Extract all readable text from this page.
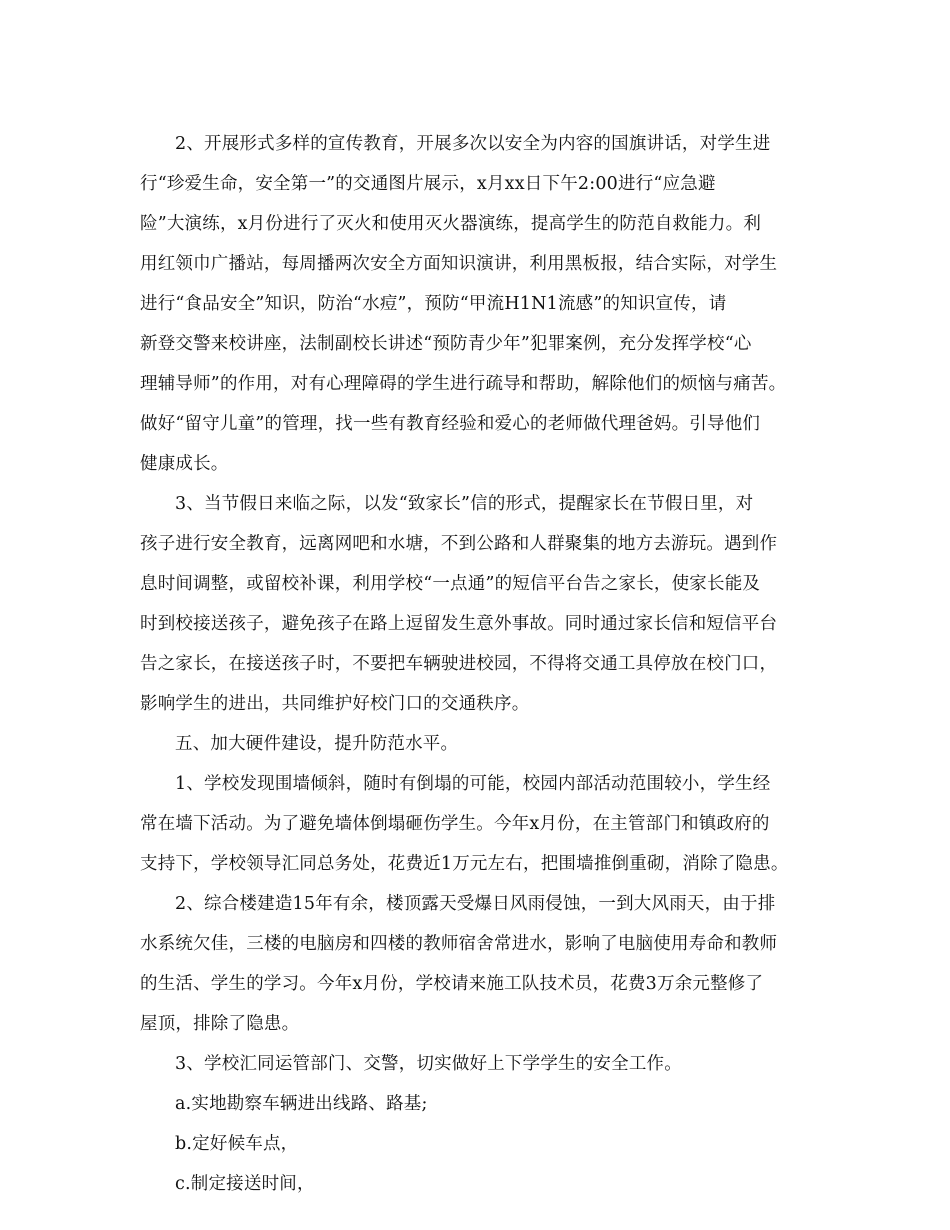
2、开展形式多样的宣传教育，开展多次以安全为内容的国旗讲话，对学生进
行“珍爱生命，安全第一”的交通图片展示，x月xx日下午2:00进行“应急避
险”大演练，x月份进行了灭火和使用灭火器演练，提高学生的防范自救能力。利
用红领巾广播站，每周播两次安全方面知识演讲，利用黑板报，结合实际，对学生
进行“食品安全”知识，防治“水痘”，预防“甲流H1N1流感”的知识宣传，请
新登交警来校讲座，法制副校长讲述“预防青少年”犯罪案例，充分发挥学校“心
理辅导师”的作用，对有心理障碍的学生进行疏导和帮助，解除他们的烦恼与痛苦。
做好“留守儿童”的管理，找一些有教育经验和爱心的老师做代理爸妈。引导他们
健康成长。
3、当节假日来临之际，以发“致家长”信的形式，提醒家长在节假日里，对
孩子进行安全教育，远离网吧和水塘，不到公路和人群聚集的地方去游玩。遇到作
息时间调整，或留校补课，利用学校“一点通”的短信平台告之家长，使家长能及
时到校接送孩子，避免孩子在路上逗留发生意外事故。同时通过家长信和短信平台
告之家长，在接送孩子时，不要把车辆驶进校园，不得将交通工具停放在校门口，
影响学生的进出，共同维护好校门口的交通秩序。
五、加大硬件建设，提升防范水平。
1、学校发现围墙倾斜，随时有倒塌的可能，校园内部活动范围较小，学生经
常在墙下活动。为了避免墙体倒塌砸伤学生。今年x月份，在主管部门和镇政府的
支持下，学校领导汇同总务处，花费近1万元左右，把围墙推倒重砌，消除了隐患。
2、综合楼建造15年有余，楼顶露天受爆日风雨侵蚀，一到大风雨天，由于排
水系统欠佳，三楼的电脑房和四楼的教师宿舍常进水，影响了电脑使用寿命和教师
的生活、学生的学习。今年x月份，学校请来施工队技术员，花费3万余元整修了
屋顶，排除了隐患。
3、学校汇同运管部门、交警，切实做好上下学学生的安全工作。
a.实地勘察车辆进出线路、路基;
b.定好候车点，
c.制定接送时间，
